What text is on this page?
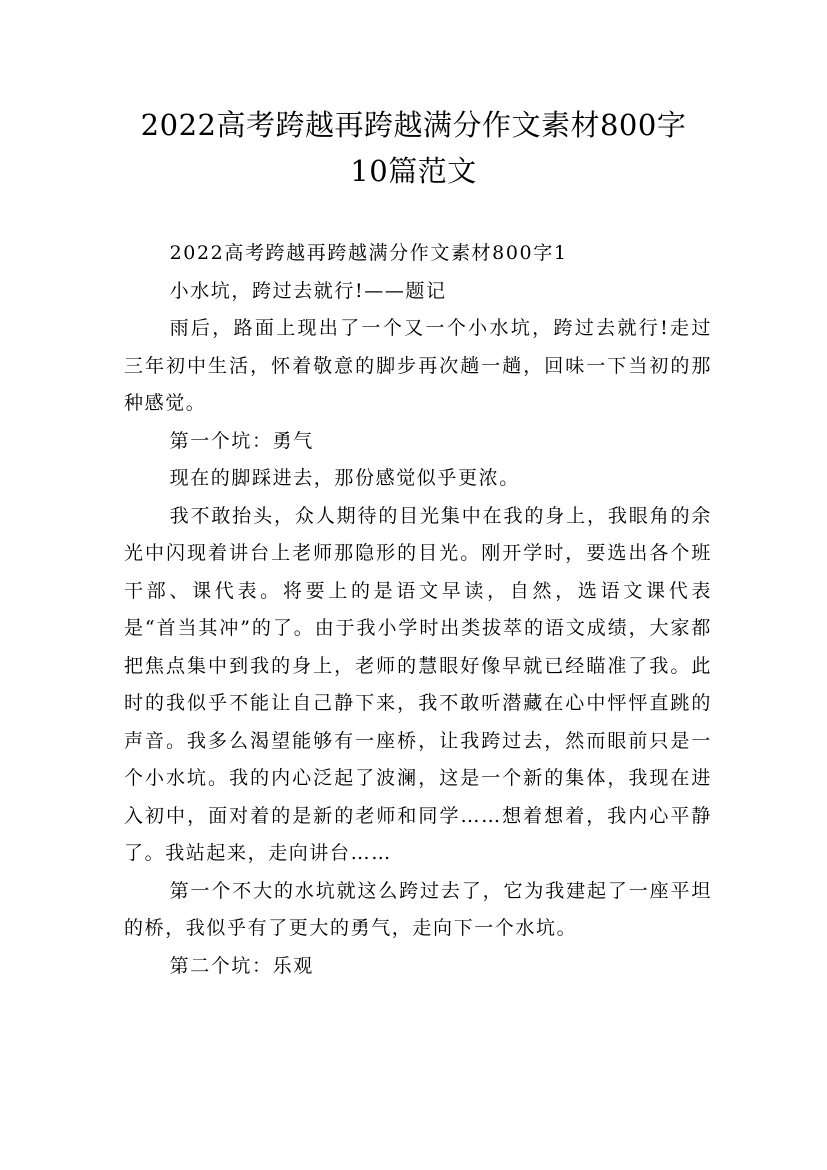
2022高考跨越再跨越满分作文素材800字
10篇范文

2022高考跨越再跨越满分作文素材800字1

小水坑，跨过去就行!——题记

雨后，路面上现出了一个又一个小水坑，跨过去就行!走过三年初中生活，怀着敬意的脚步再次趟一趟，回味一下当初的那种感觉。

第一个坑：勇气

现在的脚踩进去，那份感觉似乎更浓。

我不敢抬头，众人期待的目光集中在我的身上，我眼角的余光中闪现着讲台上老师那隐形的目光。刚开学时，要选出各个班干部、课代表。将要上的是语文早读，自然，选语文课代表是“首当其冲”的了。由于我小学时出类拔萃的语文成绩，大家都把焦点集中到我的身上，老师的慧眼好像早就已经瞄准了我。此时的我似乎不能让自己静下来，我不敢听潜藏在心中怦怦直跳的声音。我多么渴望能够有一座桥，让我跨过去，然而眼前只是一个小水坑。我的内心泛起了波澜，这是一个新的集体，我现在进入初中，面对着的是新的老师和同学……想着想着，我内心平静了。我站起来，走向讲台……

第一个不大的水坑就这么跨过去了，它为我建起了一座平坦的桥，我似乎有了更大的勇气，走向下一个水坑。

第二个坑：乐观
